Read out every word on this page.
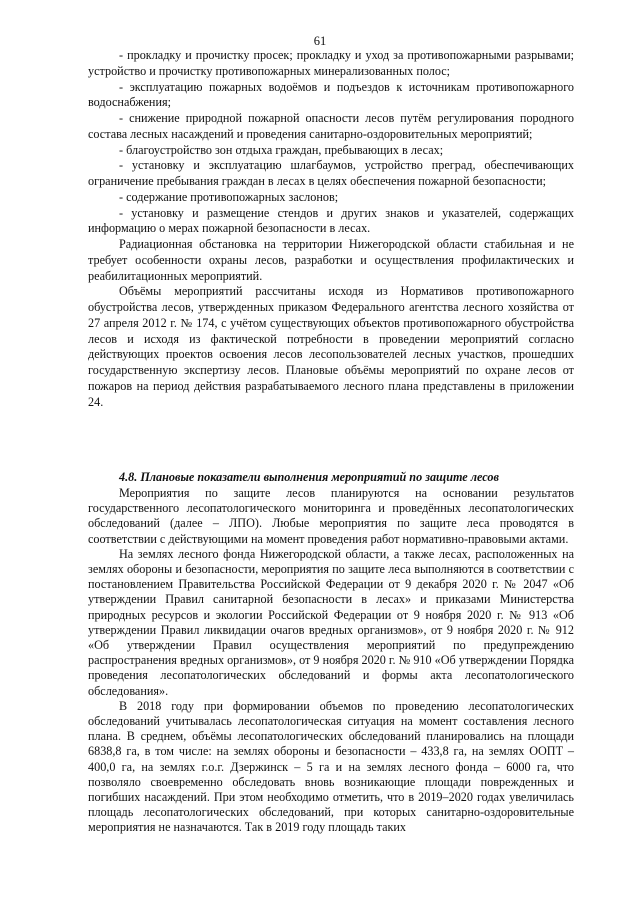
61

- прокладку и прочистку просек; прокладку и уход за противопожарными разрывами; устройство и прочистку противопожарных минерализованных полос;

- эксплуатацию пожарных водоёмов и подъездов к источникам противопожарного водоснабжения;

- снижение природной пожарной опасности лесов путём регулирования породного состава лесных насаждений и проведения санитарно-оздоровительных мероприятий;

- благоустройство зон отдыха граждан, пребывающих в лесах;

- установку и эксплуатацию шлагбаумов, устройство преград, обеспечивающих ограничение пребывания граждан в лесах в целях обеспечения пожарной безопасности;

- содержание противопожарных заслонов;

- установку и размещение стендов и других знаков и указателей, содержащих информацию о мерах пожарной безопасности в лесах.

Радиационная обстановка на территории Нижегородской области стабильная и не требует особенности охраны лесов, разработки и осуществления профилактических и реабилитационных мероприятий.

Объёмы мероприятий рассчитаны исходя из Нормативов противопожарного обустройства лесов, утвержденных приказом Федерального агентства лесного хозяйства от 27 апреля 2012 г. № 174, с учётом существующих объектов противопожарного обустройства лесов и исходя из фактической потребности в проведении мероприятий согласно действующих проектов освоения лесов лесопользователей лесных участков, прошедших государственную экспертизу лесов. Плановые объёмы мероприятий по охране лесов от пожаров на период действия разрабатываемого лесного плана представлены в приложении 24.

4.8. Плановые показатели выполнения мероприятий по защите лесов

Мероприятия по защите лесов планируются на основании результатов государственного лесопатологического мониторинга и проведённых лесопатологических обследований (далее – ЛПО). Любые мероприятия по защите леса проводятся в соответствии с действующими на момент проведения работ нормативно-правовыми актами.

На землях лесного фонда Нижегородской области, а также лесах, расположенных на землях обороны и безопасности, мероприятия по защите леса выполняются в соответствии с постановлением Правительства Российской Федерации от 9 декабря 2020 г. № 2047 «Об утверждении Правил санитарной безопасности в лесах» и приказами Министерства природных ресурсов и экологии Российской Федерации от 9 ноября 2020 г. № 913 «Об утверждении Правил ликвидации очагов вредных организмов», от 9 ноября 2020 г. № 912 «Об утверждении Правил осуществления мероприятий по предупреждению распространения вредных организмов», от 9 ноября 2020 г. № 910 «Об утверждении Порядка проведения лесопатологических обследований и формы акта лесопатологического обследования».

В 2018 году при формировании объемов по проведению лесопатологических обследований учитывалась лесопатологическая ситуация на момент составления лесного плана. В среднем, объёмы лесопатологических обследований планировались на площади 6838,8 га, в том числе: на землях обороны и безопасности – 433,8 га, на землях ООПТ – 400,0 га, на землях г.о.г. Дзержинск – 5 га и на землях лесного фонда – 6000 га, что позволяло своевременно обследовать вновь возникающие площади поврежденных и погибших насаждений. При этом необходимо отметить, что в 2019–2020 годах увеличилась площадь лесопатологических обследований, при которых санитарно-оздоровительные мероприятия не назначаются. Так в 2019 году площадь таких
